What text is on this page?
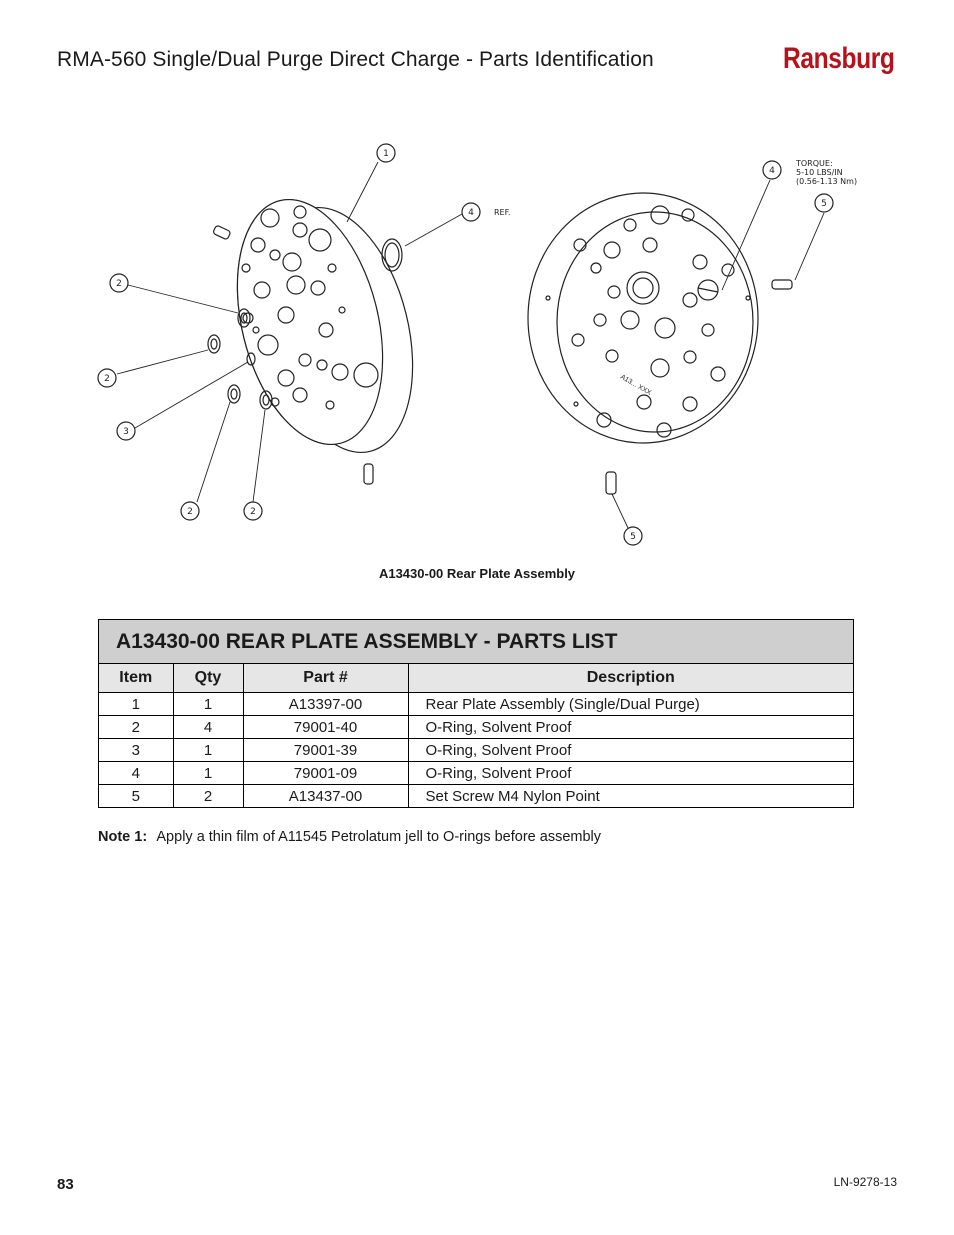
RMA-560 Single/Dual Purge Direct Charge - Parts Identification	Ransburg
A13... XXX
1
2
2
3
2	2
4
4
5
5
REF.
TORQUE:
5-10 LBS/IN
(0.56-1.13 Nm)
A13430-00 Rear Plate Assembly
A13430-00 REAR PLATE ASSEMBLY - PARTS LIST
Item	Qty	Part #	Description
1	1	A13397-00	Rear Plate Assembly (Single/Dual Purge)
2	4	79001-40	O-Ring, Solvent Proof
3	1	79001-39	O-Ring, Solvent Proof
4	1	79001-09	O-Ring, Solvent Proof
5	2	A13437-00	Set Screw M4 Nylon Point
Note 1: Apply a thin film of A11545 Petrolatum jell to O-rings before assembly
83	LN-9278-13
